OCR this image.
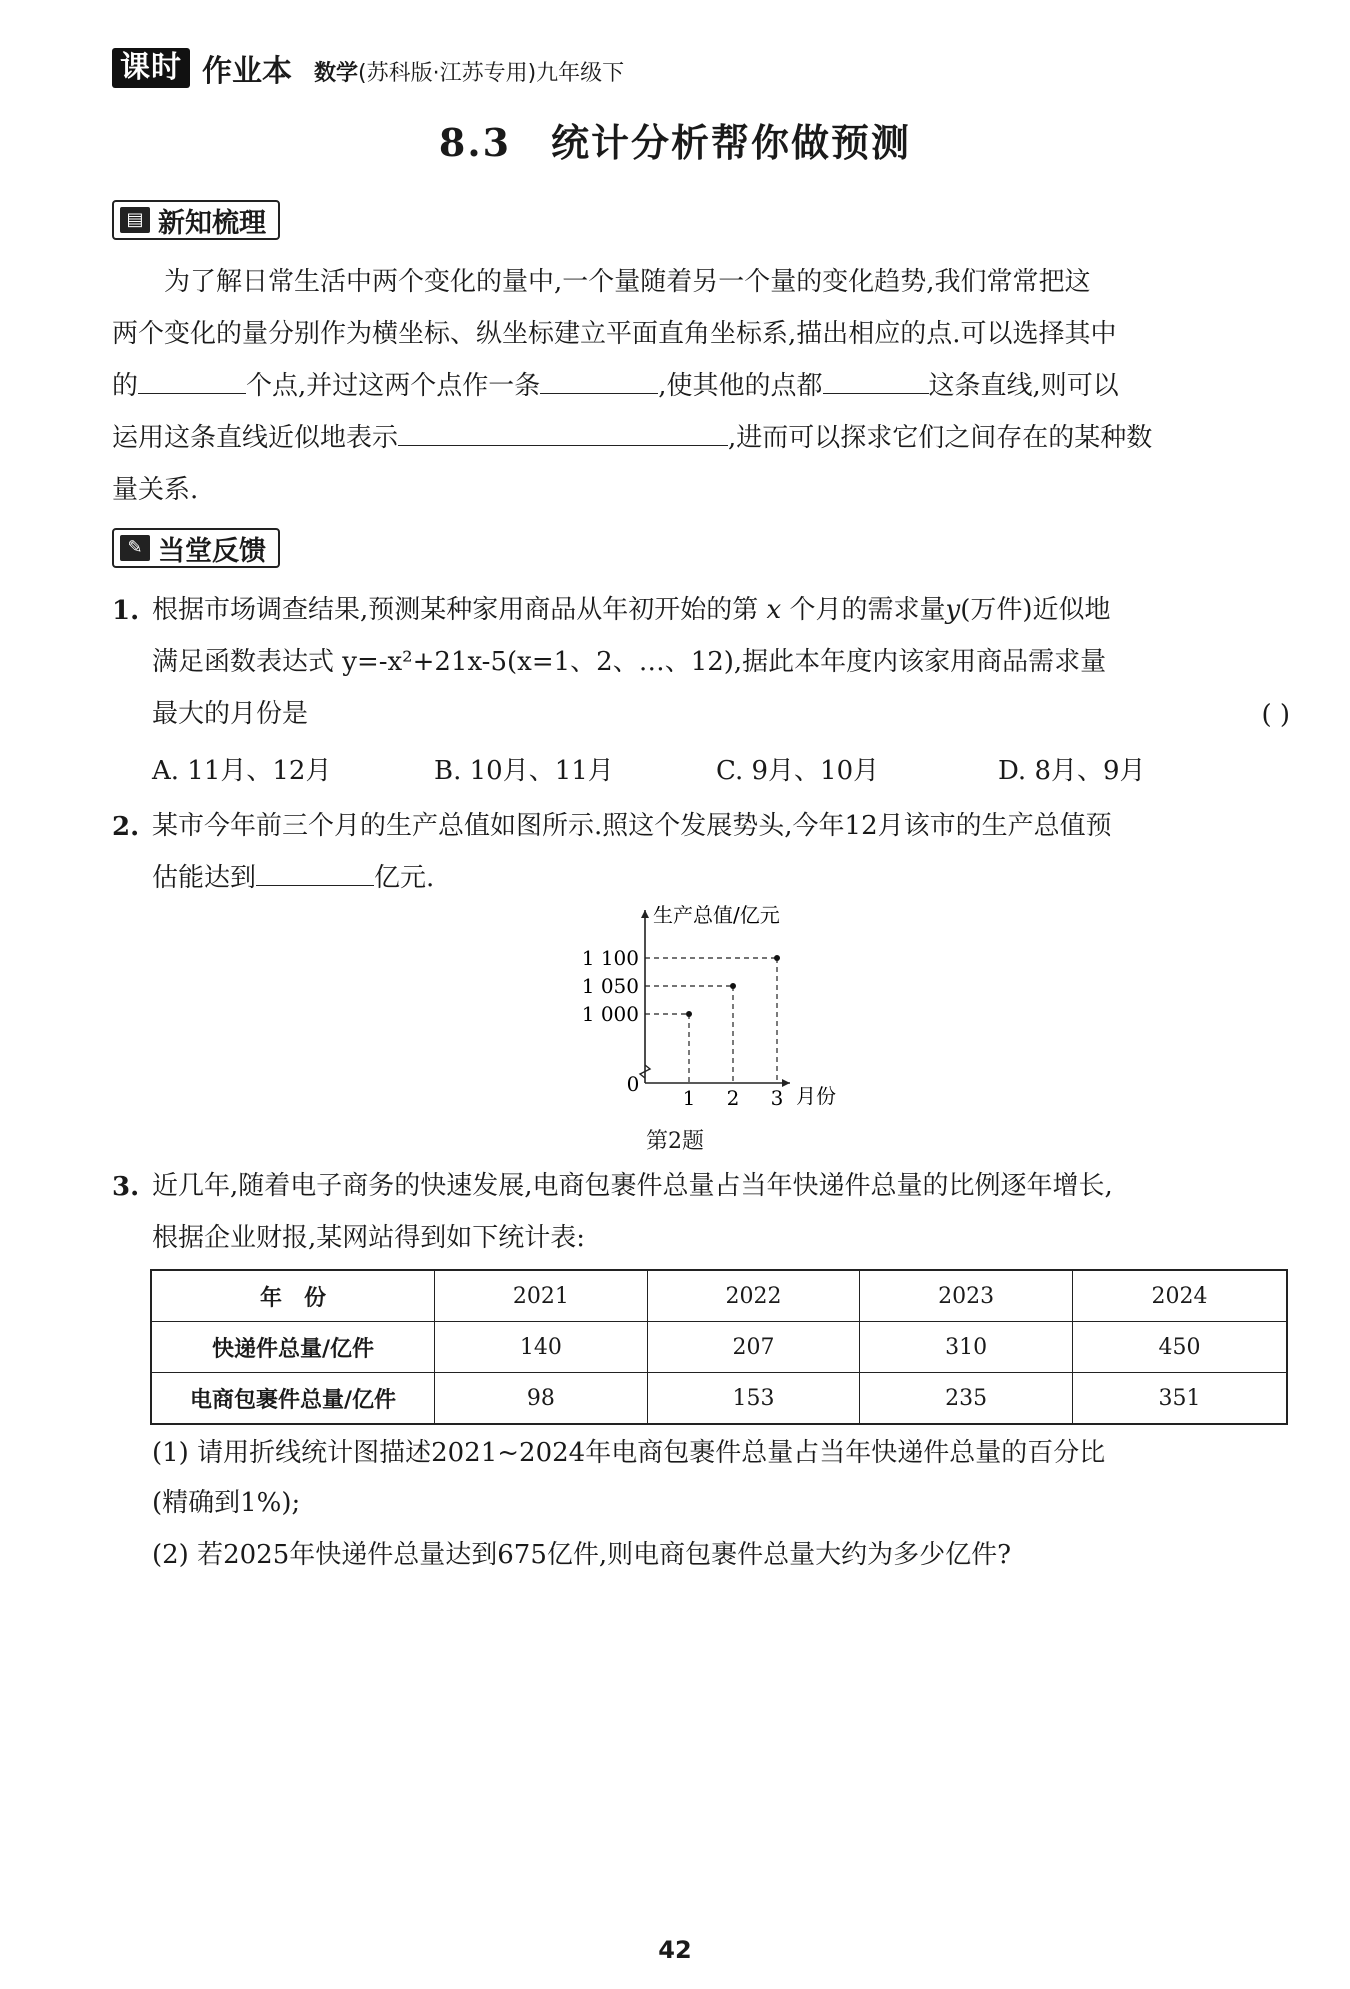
课时 作业本 数学(苏科版·江苏专用)九年级下
8.3 统计分析帮你做预测
▤ 新知梳理
为了解日常生活中两个变化的量中,一个量随着另一个量的变化趋势,我们常常把这
两个变化的量分别作为横坐标、纵坐标建立平面直角坐标系,描出相应的点.可以选择其中
的	个点,并过这两个点作一条	,使其他的点都	这条直线,则可以
运用这条直线近似地表示	,进而可以探求它们之间存在的某种数
量关系.
✎ 当堂反馈
1. 根据市场调查结果,预测某种家用商品从年初开始的第 x 个月的需求量y(万件)近似地
满足函数表达式 y=-x²+21x-5(x=1、2、…、12),据此本年度内该家用商品需求量
最大的月份是	( )
A. 11月、12月	B. 10月、11月	C. 9月、10月	D. 8月、9月
2. 某市今年前三个月的生产总值如图所示.照这个发展势头,今年12月该市的生产总值预
估能达到	亿元.
生产总值/亿元
月份
0
1 000
1 050
1 100
1 2 3
第2题
3. 近几年,随着电子商务的快速发展,电商包裹件总量占当年快递件总量的比例逐年增长,
根据企业财报,某网站得到如下统计表:
年　份	2021	2022	2023	2024
快递件总量/亿件	140	207	310	450
电商包裹件总量/亿件	98	153	235	351
(1) 请用折线统计图描述2021~2024年电商包裹件总量占当年快递件总量的百分比
(精确到1%);
(2) 若2025年快递件总量达到675亿件,则电商包裹件总量大约为多少亿件?
42
